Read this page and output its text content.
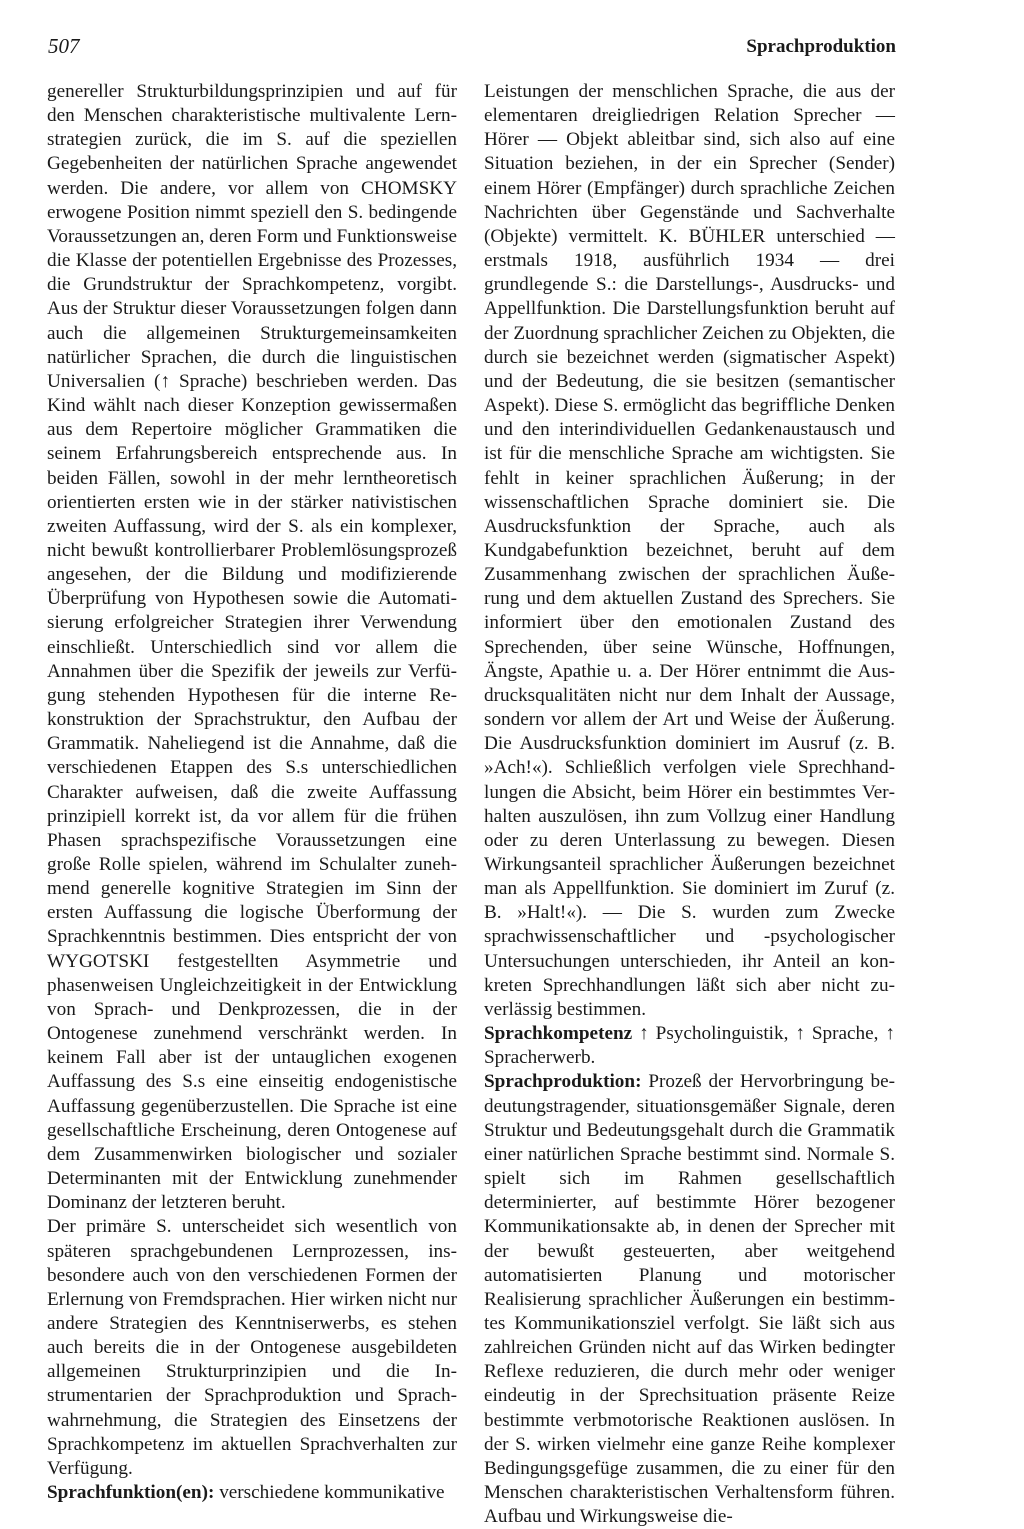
507	Sprachproduktion

genereller Strukturbildungsprinzipien und auf für den Menschen charakteristische multivalente Lernstrategien zurück, die im S. auf die speziellen Gegebenheiten der natürlichen Sprache angewendet werden. Die andere, vor allem von CHOMSKY erwogene Position nimmt speziell den S. bedingende Voraussetzungen an, deren Form und Funktionsweise die Klasse der potentiellen Ergebnisse des Prozesses, die Grundstruktur der Sprachkompetenz, vorgibt. Aus der Struktur dieser Voraussetzungen folgen dann auch die allgemeinen Strukturgemeinsamkeiten natürlicher Sprachen, die durch die linguistischen Universalien (↑ Sprache) beschrieben werden. Das Kind wählt nach dieser Konzeption gewissermaßen aus dem Repertoire möglicher Grammatiken die seinem Erfahrungsbereich entsprechende aus. In beiden Fällen, sowohl in der mehr lerntheoretisch orientierten ersten wie in der stärker nativistischen zweiten Auffassung, wird der S. als ein komplexer, nicht bewußt kontrollierbarer Problemlösungsprozeß angesehen, der die Bildung und modifizierende Überprüfung von Hypothesen sowie die Automatisierung erfolgreicher Strategien ihrer Verwendung einschließt. Unterschiedlich sind vor allem die Annahmen über die Spezifik der jeweils zur Verfügung stehenden Hypothesen für die interne Rekonstruktion der Sprachstruktur, den Aufbau der Grammatik. Naheliegend ist die Annahme, daß die verschiedenen Etappen des S.s unterschiedlichen Charakter aufweisen, daß die zweite Auffassung prinzipiell korrekt ist, da vor allem für die frühen Phasen sprachspezifische Voraussetzungen eine große Rolle spielen, während im Schulalter zunehmend generelle kognitive Strategien im Sinn der ersten Auffassung die logische Überformung der Sprachkenntnis bestimmen. Dies entspricht der von WYGOTSKI festgestellten Asymmetrie und phasenweisen Ungleichzeitigkeit in der Entwicklung von Sprach- und Denkprozessen, die in der Ontogenese zunehmend verschränkt werden. In keinem Fall aber ist der untauglichen exogenen Auffassung des S.s eine einseitig endogenistische Auffassung gegenüberzustellen. Die Sprache ist eine gesellschaftliche Erscheinung, deren Ontogenese auf dem Zusammenwirken biologischer und sozialer Determinanten mit der Entwicklung zunehmender Dominanz der letzteren beruht.

Der primäre S. unterscheidet sich wesentlich von späteren sprachgebundenen Lernprozessen, insbesondere auch von den verschiedenen Formen der Erlernung von Fremdsprachen. Hier wirken nicht nur andere Strategien des Kenntniserwerbs, es stehen auch bereits die in der Ontogenese ausgebildeten allgemeinen Strukturprinzipien und die Instrumentarien der Sprachproduktion und Sprachwahrnehmung, die Strategien des Einsetzens der Sprachkompetenz im aktuellen Sprachverhalten zur Verfügung.

Sprachfunktion(en): verschiedene kommunikative

Leistungen der menschlichen Sprache, die aus der elementaren dreigliedrigen Relation Sprecher — Hörer — Objekt ableitbar sind, sich also auf eine Situation beziehen, in der ein Sprecher (Sender) einem Hörer (Empfänger) durch sprachliche Zeichen Nachrichten über Gegenstände und Sachverhalte (Objekte) vermittelt. K. BÜHLER unterschied — erstmals 1918, ausführlich 1934 — drei grundlegende S.: die Darstellungs-, Ausdrucks- und Appellfunktion. Die Darstellungsfunktion beruht auf der Zuordnung sprachlicher Zeichen zu Objekten, die durch sie bezeichnet werden (sigmatischer Aspekt) und der Bedeutung, die sie besitzen (semantischer Aspekt). Diese S. ermöglicht das begriffliche Denken und den interindividuellen Gedankenaustausch und ist für die menschliche Sprache am wichtigsten. Sie fehlt in keiner sprachlichen Äußerung; in der wissenschaftlichen Sprache dominiert sie. Die Ausdrucksfunktion der Sprache, auch als Kundgabefunktion bezeichnet, beruht auf dem Zusammenhang zwischen der sprachlichen Äußerung und dem aktuellen Zustand des Sprechers. Sie informiert über den emotionalen Zustand des Sprechenden, über seine Wünsche, Hoffnungen, Ängste, Apathie u. a. Der Hörer entnimmt die Ausdrucksqualitäten nicht nur dem Inhalt der Aussage, sondern vor allem der Art und Weise der Äußerung. Die Ausdrucksfunktion dominiert im Ausruf (z. B. »Ach!«). Schließlich verfolgen viele Sprechhandlungen die Absicht, beim Hörer ein bestimmtes Verhalten auszulösen, ihn zum Vollzug einer Handlung oder zu deren Unterlassung zu bewegen. Diesen Wirkungsanteil sprachlicher Äußerungen bezeichnet man als Appellfunktion. Sie dominiert im Zuruf (z. B. »Halt!«). — Die S. wurden zum Zwecke sprachwissenschaftlicher und -psychologischer Untersuchungen unterschieden, ihr Anteil an konkreten Sprechhandlungen läßt sich aber nicht zuverlässig bestimmen.

Sprachkompetenz ↑ Psycholinguistik, ↑ Sprache, ↑ Spracherwerb.

Sprachproduktion: Prozeß der Hervorbringung bedeutungstragender, situationsgemäßer Signale, deren Struktur und Bedeutungsgehalt durch die Grammatik einer natürlichen Sprache bestimmt sind. Normale S. spielt sich im Rahmen gesellschaftlich determinierter, auf bestimmte Hörer bezogener Kommunikationsakte ab, in denen der Sprecher mit der bewußt gesteuerten, aber weitgehend automatisierten Planung und motorischer Realisierung sprachlicher Äußerungen ein bestimmtes Kommunikationsziel verfolgt. Sie läßt sich aus zahlreichen Gründen nicht auf das Wirken bedingter Reflexe reduzieren, die durch mehr oder weniger eindeutig in der Sprechsituation präsente Reize bestimmte verbmotorische Reaktionen auslösen. In der S. wirken vielmehr eine ganze Reihe komplexer Bedingungsgefüge zusammen, die zu einer für den Menschen charakteristischen Verhaltensform führen. Aufbau und Wirkungsweise die-
